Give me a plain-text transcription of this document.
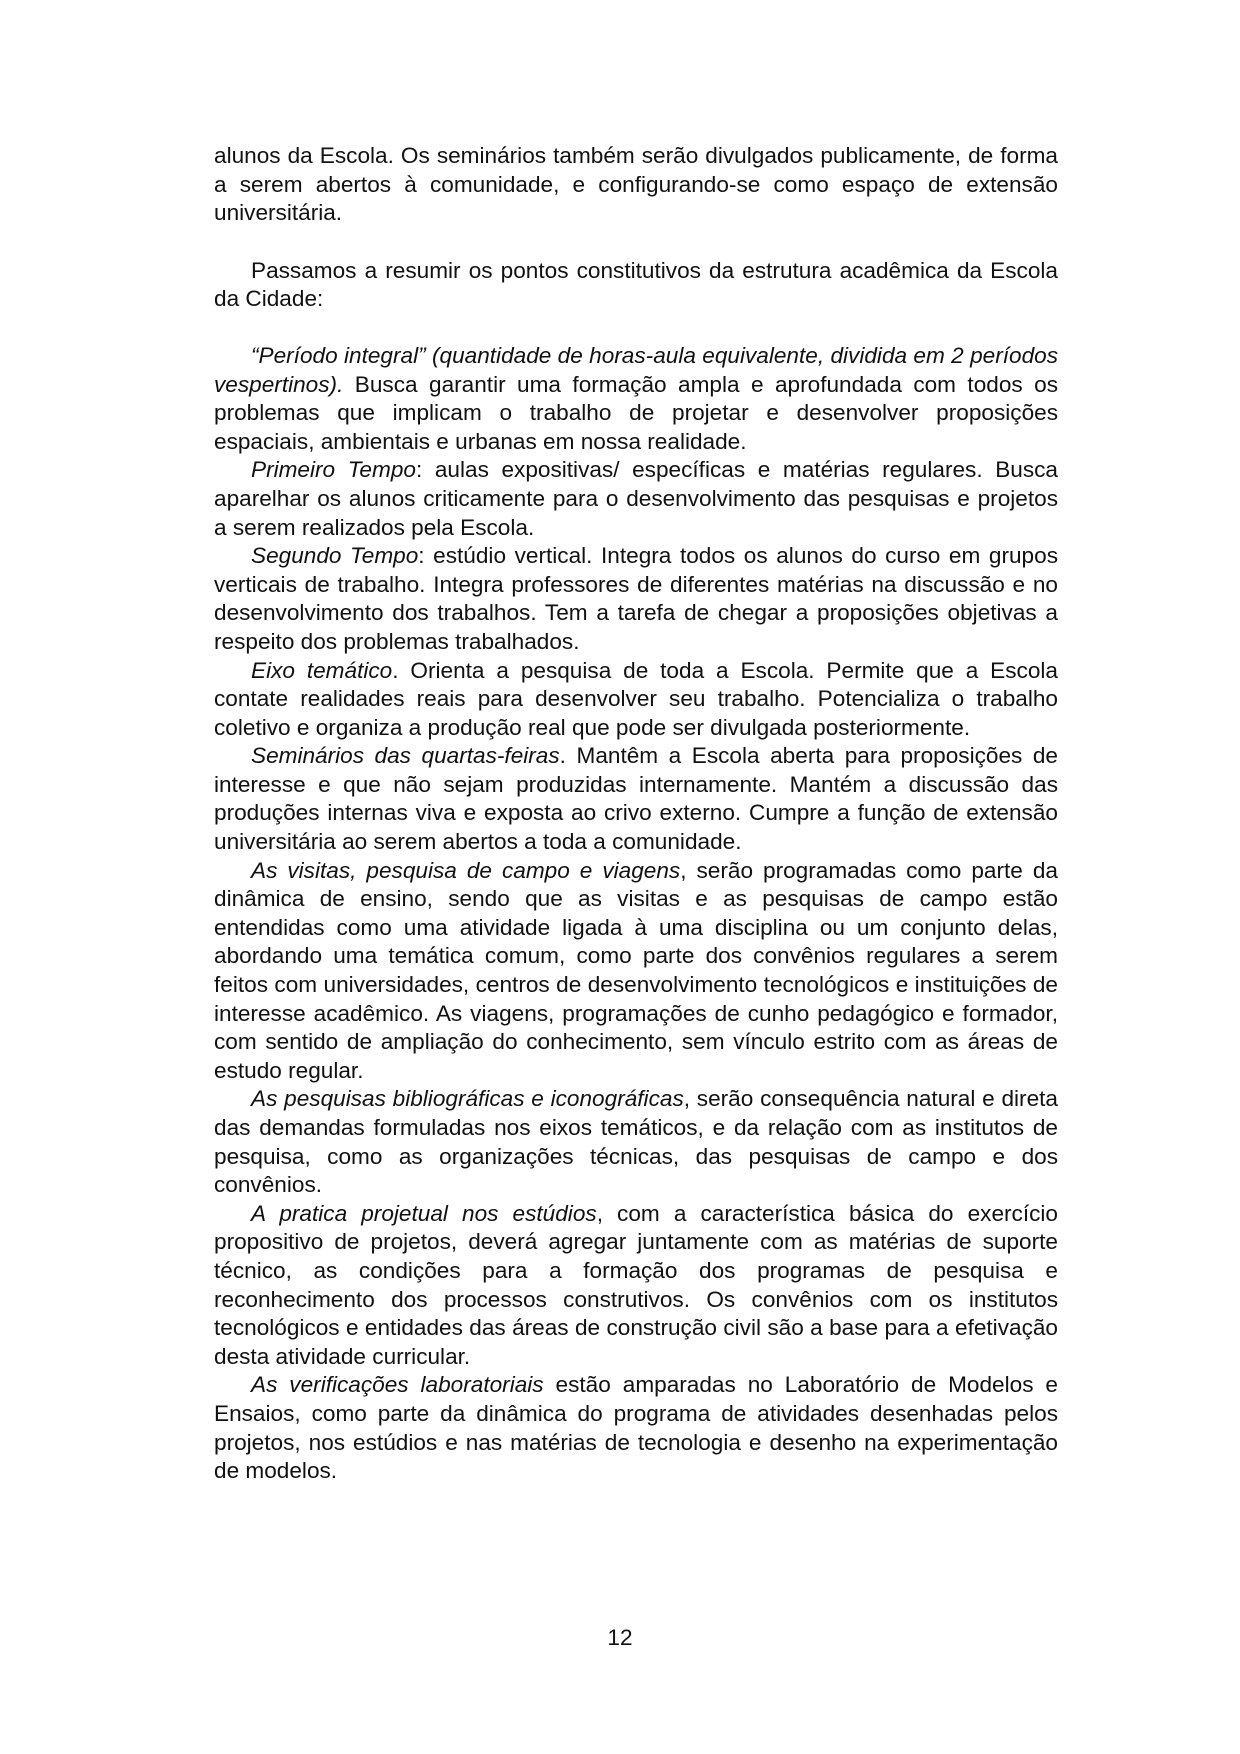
alunos da Escola. Os seminários também serão divulgados publicamente, de forma a serem abertos à comunidade, e configurando-se como espaço de extensão universitária.

Passamos a resumir os pontos constitutivos da estrutura acadêmica da Escola da Cidade:

“Período integral” (quantidade de horas-aula equivalente, dividida em 2 períodos vespertinos). Busca garantir uma formação ampla e aprofundada com todos os problemas que implicam o trabalho de projetar e desenvolver proposições espaciais, ambientais e urbanas em nossa realidade.

Primeiro Tempo: aulas expositivas/ específicas e matérias regulares. Busca aparelhar os alunos criticamente para o desenvolvimento das pesquisas e projetos a serem realizados pela Escola.

Segundo Tempo: estúdio vertical. Integra todos os alunos do curso em grupos verticais de trabalho. Integra professores de diferentes matérias na discussão e no desenvolvimento dos trabalhos. Tem a tarefa de chegar a proposições objetivas a respeito dos problemas trabalhados.

Eixo temático. Orienta a pesquisa de toda a Escola. Permite que a Escola contate realidades reais para desenvolver seu trabalho. Potencializa o trabalho coletivo e organiza a produção real que pode ser divulgada posteriormente.

Seminários das quartas-feiras. Mantêm a Escola aberta para proposições de interesse e que não sejam produzidas internamente. Mantém a discussão das produções internas viva e exposta ao crivo externo. Cumpre a função de extensão universitária ao serem abertos a toda a comunidade.

As visitas, pesquisa de campo e viagens, serão programadas como parte da dinâmica de ensino, sendo que as visitas e as pesquisas de campo estão entendidas como uma atividade ligada à uma disciplina ou um conjunto delas, abordando uma temática comum, como parte dos convênios regulares a serem feitos com universidades, centros de desenvolvimento tecnológicos e instituições de interesse acadêmico. As viagens, programações de cunho pedagógico e formador, com sentido de ampliação do conhecimento, sem vínculo estrito com as áreas de estudo regular.

As pesquisas bibliográficas e iconográficas, serão consequência natural e direta das demandas formuladas nos eixos temáticos, e da relação com as institutos de pesquisa, como as organizações técnicas, das pesquisas de campo e dos convênios.

A pratica projetual nos estúdios, com a característica básica do exercício propositivo de projetos, deverá agregar juntamente com as matérias de suporte técnico, as condições para a formação dos programas de pesquisa e reconhecimento dos processos construtivos. Os convênios com os institutos tecnológicos e entidades das áreas de construção civil são a base para a efetivação desta atividade curricular.

As verificações laboratoriais estão amparadas no Laboratório de Modelos e Ensaios, como parte da dinâmica do programa de atividades desenhadas pelos projetos, nos estúdios e nas matérias de tecnologia e desenho na experimentação de modelos.

12
